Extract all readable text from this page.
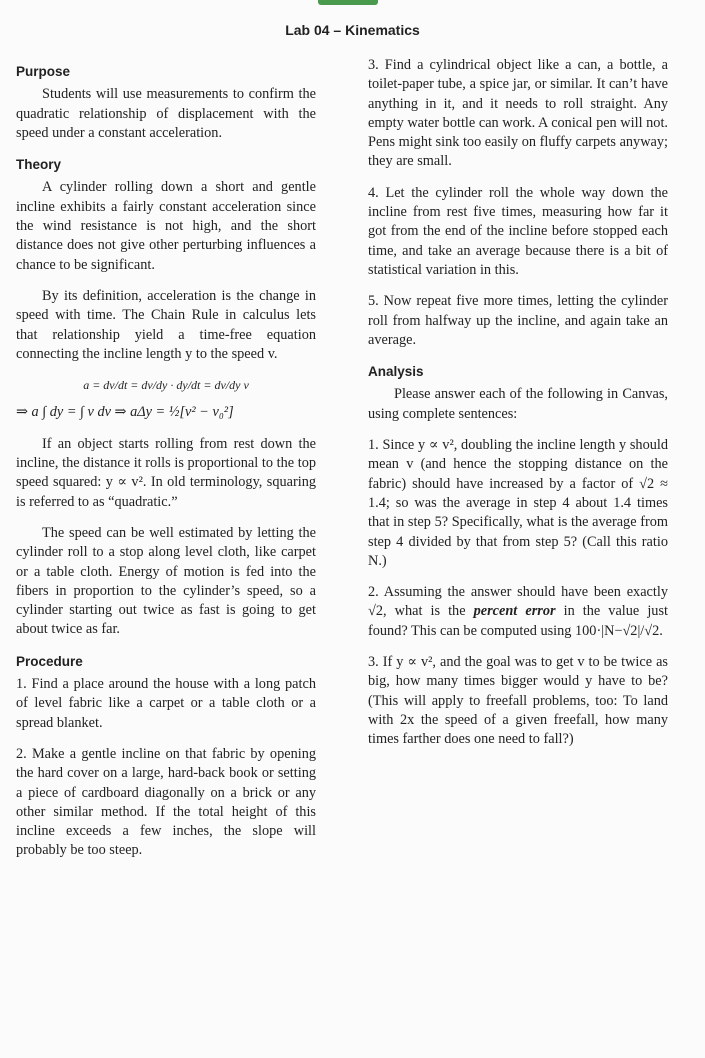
Lab 04 – Kinematics
Purpose

Students will use measurements to confirm the quadratic relationship of displacement with the speed under a constant acceleration.

Theory

A cylinder rolling down a short and gentle incline exhibits a fairly constant acceleration since the wind resistance is not high, and the short distance does not give other perturbing influences a chance to be significant.

By its definition, acceleration is the change in speed with time. The Chain Rule in calculus lets that relationship yield a time-free equation connecting the incline length y to the speed v.

a = dv/dt = dv/dy · dy/dt = dv/dy v
⇒ a ∫ dy = ∫ v dv ⇒ aΔy = ½[v² − v₀²]

If an object starts rolling from rest down the incline, the distance it rolls is proportional to the top speed squared: y ∝ v². In old terminology, squaring is referred to as “quadratic.”

The speed can be well estimated by letting the cylinder roll to a stop along level cloth, like carpet or a table cloth. Energy of motion is fed into the fibers in proportion to the cylinder’s speed, so a cylinder starting out twice as fast is going to get about twice as far.

Procedure

1. Find a place around the house with a long patch of level fabric like a carpet or a table cloth or a spread blanket.

2. Make a gentle incline on that fabric by opening the hard cover on a large, hard-back book or setting a piece of cardboard diagonally on a brick or any other similar method. If the total height of this incline exceeds a few inches, the slope will probably be too steep.

3. Find a cylindrical object like a can, a bottle, a toilet-paper tube, a spice jar, or similar. It can’t have anything in it, and it needs to roll straight. Any empty water bottle can work. A conical pen will not. Pens might sink too easily on fluffy carpets anyway; they are small.

4. Let the cylinder roll the whole way down the incline from rest five times, measuring how far it got from the end of the incline before stopped each time, and take an average because there is a bit of statistical variation in this.

5. Now repeat five more times, letting the cylinder roll from halfway up the incline, and again take an average.

Analysis

Please answer each of the following in Canvas, using complete sentences:

1. Since y ∝ v², doubling the incline length y should mean v (and hence the stopping distance on the fabric) should have increased by a factor of √2 ≈ 1.4; so was the average in step 4 about 1.4 times that in step 5? Specifically, what is the average from step 4 divided by that from step 5? (Call this ratio N.)

2. Assuming the answer should have been exactly √2, what is the percent error in the value just found? This can be computed using 100·|N−√2|/√2.

3. If y ∝ v², and the goal was to get v to be twice as big, how many times bigger would y have to be? (This will apply to freefall problems, too: To land with 2x the speed of a given freefall, how many times farther does one need to fall?)
